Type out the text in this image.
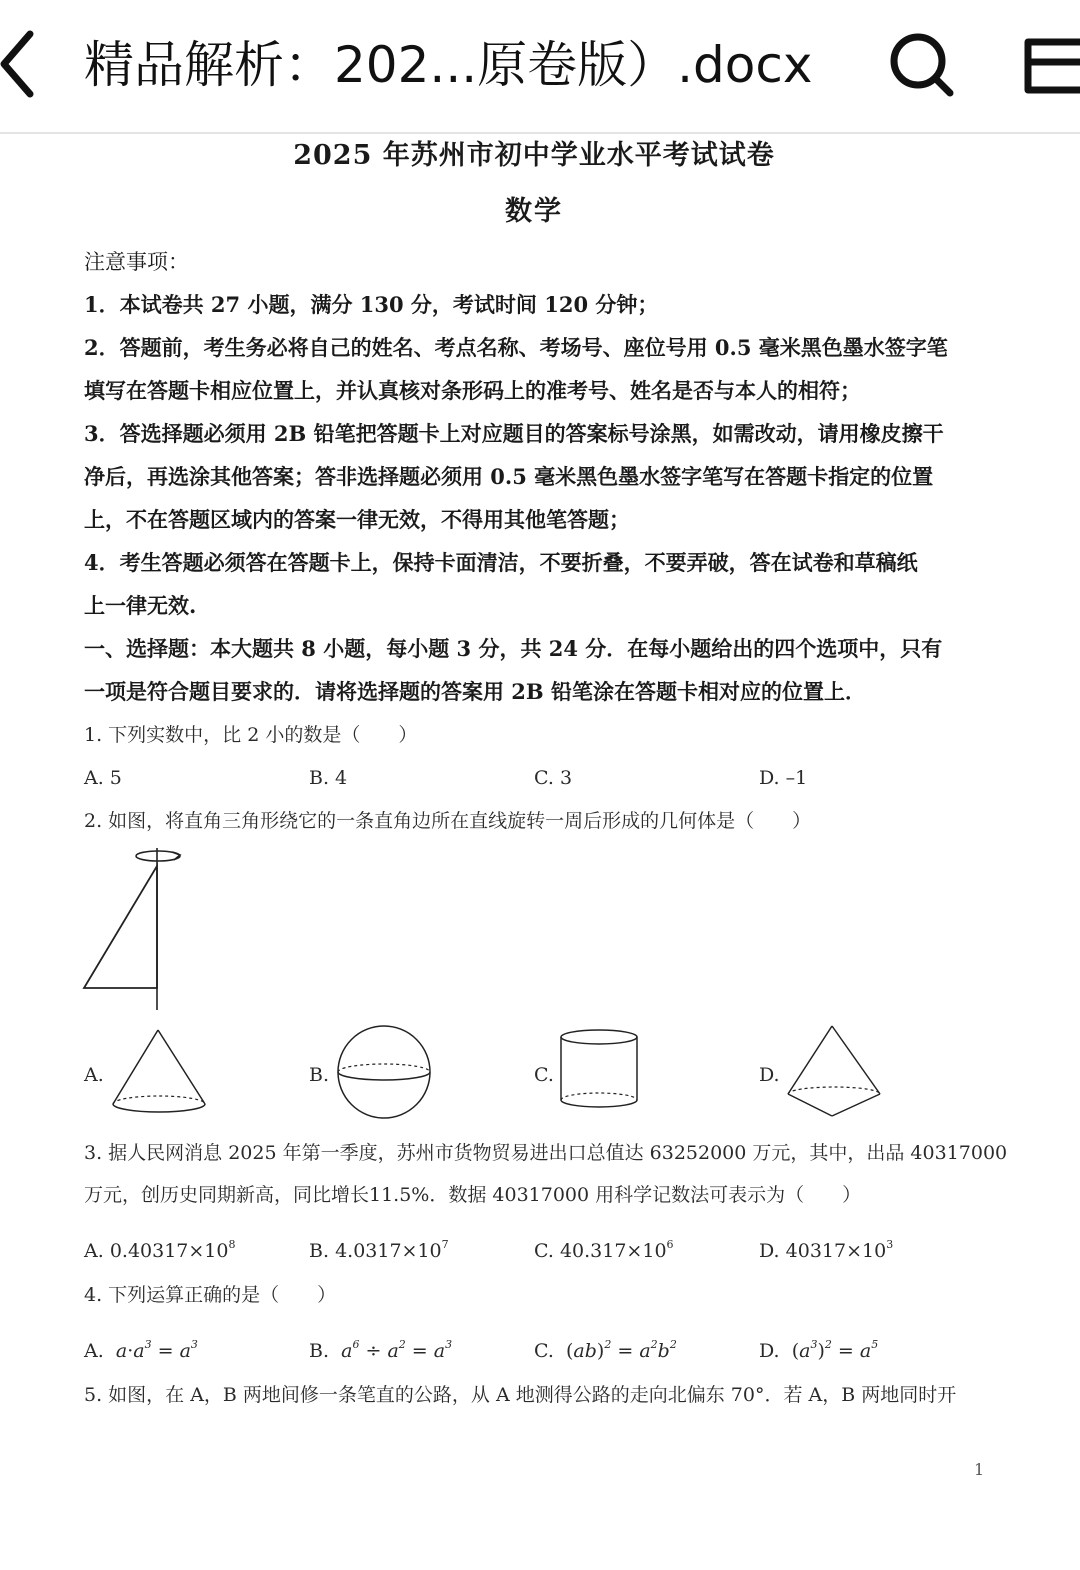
精品解析：202...原卷版）.docx
2025 年苏州市初中学业水平考试试卷
数学
注意事项：
1．本试卷共 27 小题，满分 130 分，考试时间 120 分钟；
2．答题前，考生务必将自己的姓名、考点名称、考场号、座位号用 0.5 毫米黑色墨水签字笔
填写在答题卡相应位置上，并认真核对条形码上的准考号、姓名是否与本人的相符；
3．答选择题必须用 2B 铅笔把答题卡上对应题目的答案标号涂黑，如需改动，请用橡皮擦干
净后，再选涂其他答案；答非选择题必须用 0.5 毫米黑色墨水签字笔写在答题卡指定的位置
上，不在答题区域内的答案一律无效，不得用其他笔答题；
4．考生答题必须答在答题卡上，保持卡面清洁，不要折叠，不要弄破，答在试卷和草稿纸
上一律无效.
一、选择题：本大题共 8 小题，每小题 3 分，共 24 分．在每小题给出的四个选项中，只有
一项是符合题目要求的．请将选择题的答案用 2B 铅笔涂在答题卡相对应的位置上．
1. 下列实数中，比 2 小的数是（　　）
A. 5	B. 4	C. 3	D. –1
2. 如图，将直角三角形绕它的一条直角边所在直线旋转一周后形成的几何体是（　　）
A.	B.	C.	D.
3. 据人民网消息 2025 年第一季度，苏州市货物贸易进出口总值达 63252000 万元，其中，出品 40317000
万元，创历史同期新高，同比增长11.5%．数据 40317000 用科学记数法可表示为（　　）
A. $0.40317\times 10^8$	B. $4.0317\times 10^7$	C. $40.317\times 10^6$	D. $40317\times 10^3$
4. 下列运算正确的是（　　）
A.  $a\cdot a^3 = a^3$	B.  $a^6 \div a^2 = a^3$	C. $(ab)^2 = a^2b^2$	D. $(a^3)^2 = a^5$
5. 如图，在 A，B 两地间修一条笔直的公路，从 A 地测得公路的走向北偏东 70°．若 A，B 两地同时开
1
